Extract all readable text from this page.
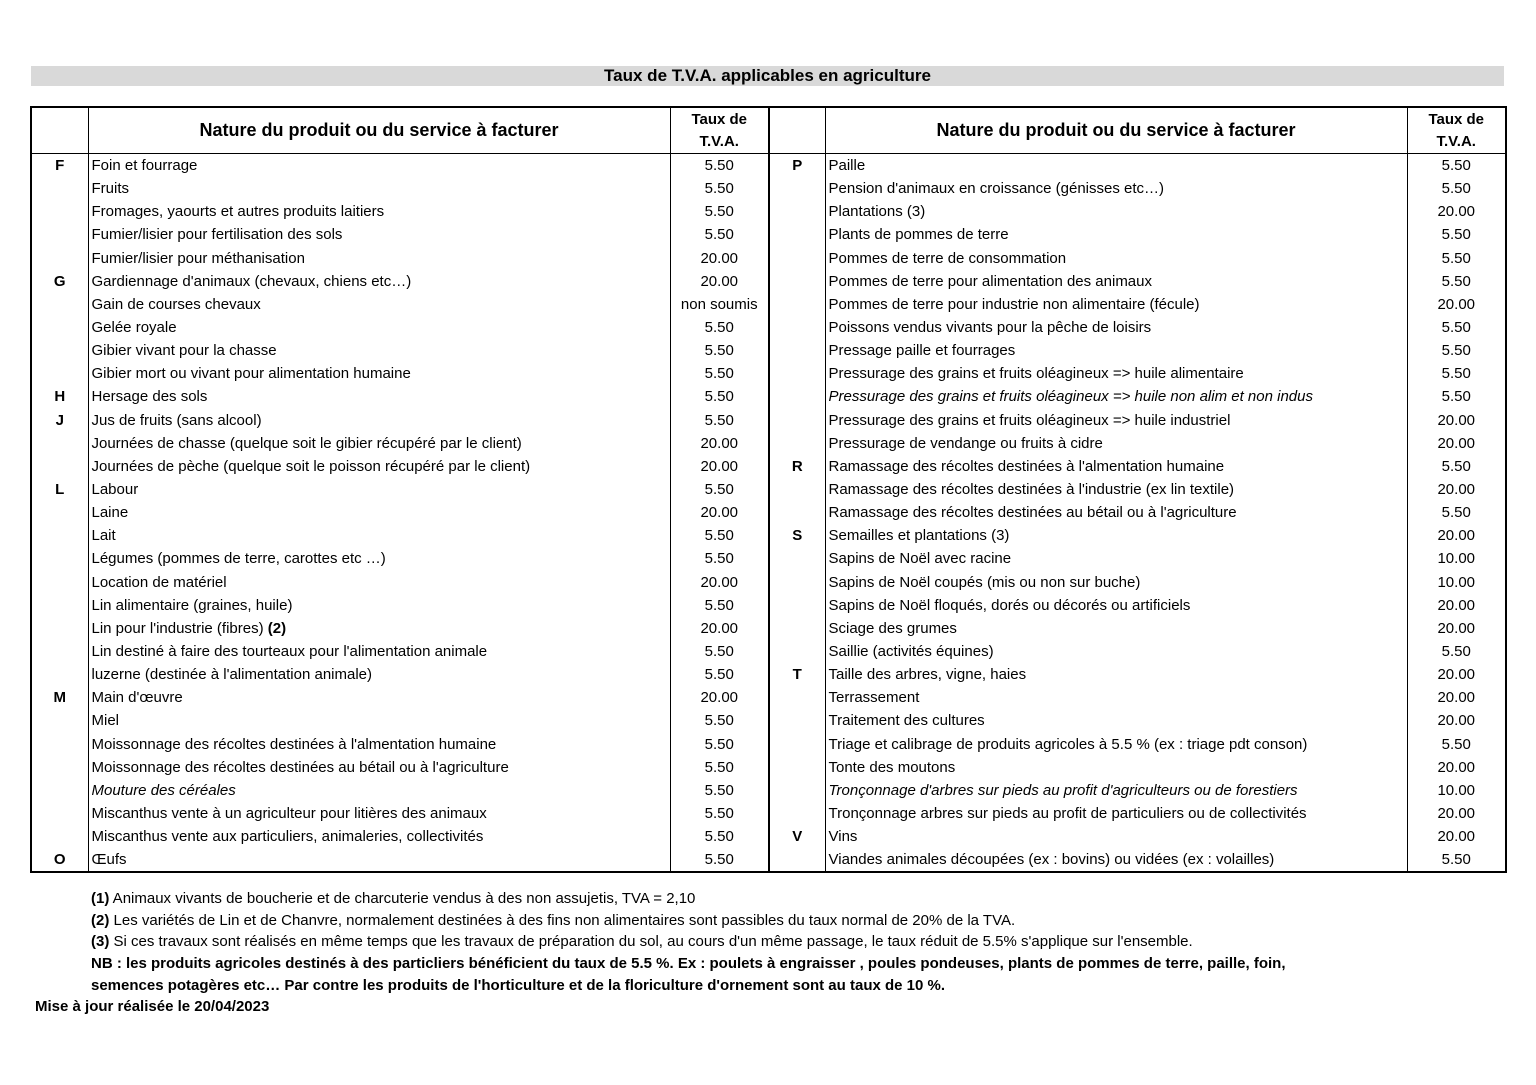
Taux de T.V.A. applicables en agriculture
	Nature du produit ou du service à facturer	Taux de
T.V.A.		Nature du produit ou du service à facturer	Taux de
T.V.A.
F	Foin et fourrage	5.50	P	Paille	5.50
	Fruits	5.50		Pension d'animaux en croissance (génisses etc…)	5.50
	Fromages, yaourts et autres produits laitiers	5.50		Plantations (3)	20.00
	Fumier/lisier pour fertilisation des sols	5.50		Plants de pommes de terre	5.50
	Fumier/lisier pour méthanisation	20.00		Pommes de terre de consommation	5.50
G	Gardiennage d'animaux (chevaux, chiens etc…)	20.00		Pommes de terre pour alimentation des animaux	5.50
	Gain de courses chevaux	non soumis		Pommes de terre pour industrie non alimentaire (fécule)	20.00
	Gelée royale	5.50		Poissons vendus vivants pour la pêche de loisirs	5.50
	Gibier vivant pour la chasse	5.50		Pressage paille et fourrages	5.50
	Gibier mort ou vivant pour alimentation humaine	5.50		Pressurage des grains et fruits oléagineux => huile alimentaire	5.50
H	Hersage des sols	5.50		Pressurage des grains et fruits oléagineux => huile non alim et non indus	5.50
J	Jus de fruits (sans alcool)	5.50		Pressurage des grains et fruits oléagineux => huile industriel	20.00
	Journées de chasse (quelque soit le gibier récupéré par le client)	20.00		Pressurage de vendange ou fruits à cidre	20.00
	Journées de pèche (quelque soit le poisson récupéré par le client)	20.00	R	Ramassage des récoltes destinées à l'almentation humaine	5.50
L	Labour	5.50		Ramassage des récoltes destinées à l'industrie (ex lin textile)	20.00
	Laine	20.00		Ramassage des récoltes destinées au bétail ou à l'agriculture	5.50
	Lait	5.50	S	Semailles et plantations (3)	20.00
	Légumes (pommes de terre, carottes etc …)	5.50		Sapins de Noël avec racine	10.00
	Location de matériel	20.00		Sapins de Noël coupés (mis ou non sur buche)	10.00
	Lin alimentaire (graines, huile)	5.50		Sapins de Noël floqués, dorés ou décorés ou artificiels	20.00
	Lin pour l'industrie (fibres) (2)	20.00		Sciage des grumes	20.00
	Lin destiné à faire des tourteaux pour l'alimentation animale	5.50		Saillie (activités équines)	5.50
	luzerne (destinée à l'alimentation animale)	5.50	T	Taille des arbres, vigne, haies	20.00
M	Main d'œuvre	20.00		Terrassement	20.00
	Miel	5.50		Traitement des cultures	20.00
	Moissonnage des récoltes destinées à l'almentation humaine	5.50		Triage et calibrage de produits agricoles à 5.5 % (ex : triage pdt conson)	5.50
	Moissonnage des récoltes destinées au bétail ou à l'agriculture	5.50		Tonte des moutons	20.00
	Mouture des céréales	5.50		Tronçonnage d'arbres sur pieds au profit d'agriculteurs ou de forestiers	10.00
	Miscanthus vente à un agriculteur pour litières des animaux	5.50		Tronçonnage arbres sur pieds au profit de particuliers ou de collectivités	20.00
	Miscanthus vente aux particuliers, animaleries, collectivités	5.50	V	Vins	20.00
O	Œufs	5.50		Viandes animales découpées (ex : bovins) ou vidées (ex : volailles)	5.50
(1) Animaux vivants de boucherie et de charcuterie vendus à des non assujetis, TVA = 2,10
(2) Les variétés de Lin et de Chanvre, normalement destinées à des fins non alimentaires sont passibles du taux normal de 20% de la TVA.
(3) Si ces travaux sont réalisés en même temps que les travaux de préparation du sol, au cours d'un même passage, le taux réduit de 5.5% s'applique sur l'ensemble.
NB : les produits agricoles destinés à des particliers bénéficient du taux de 5.5 %. Ex : poulets à engraisser , poules pondeuses, plants de pommes de terre, paille, foin,
semences potagères etc… Par contre les produits de l'horticulture et de la floriculture d'ornement sont au taux de 10 %.
Mise à jour réalisée le 20/04/2023
